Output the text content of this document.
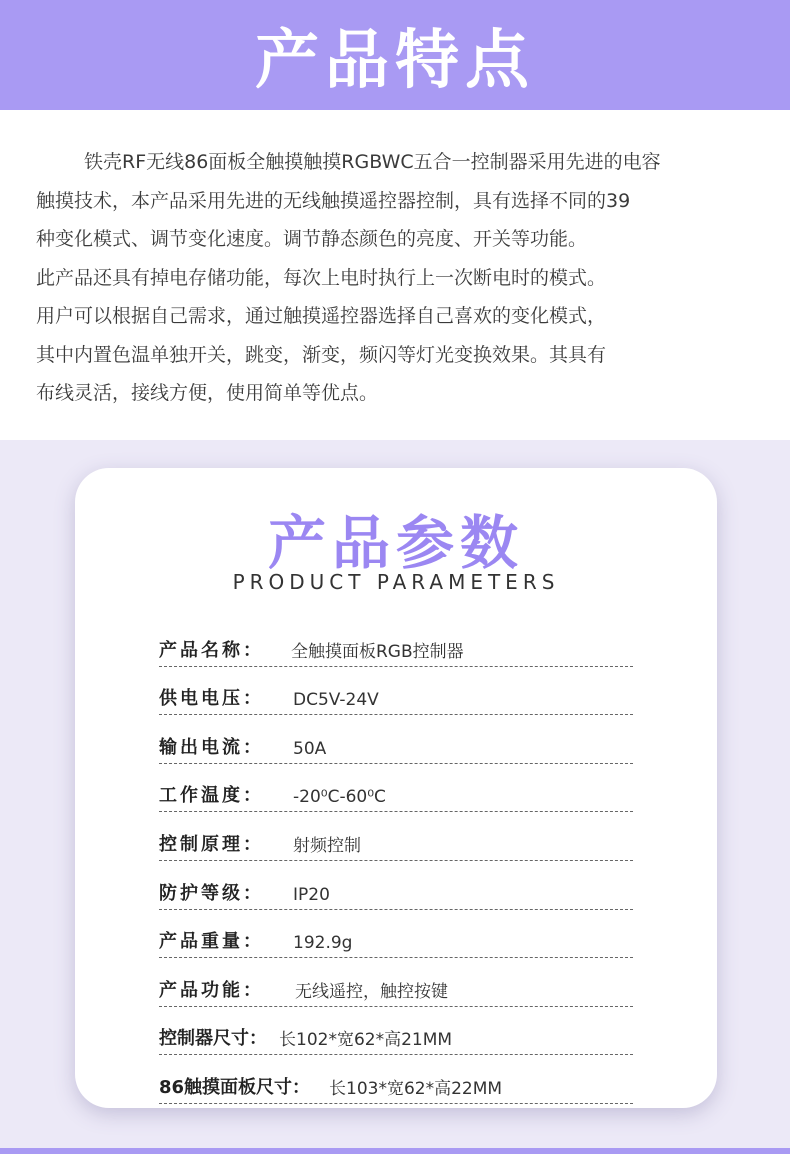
产品特点

铁壳RF无线86面板全触摸触摸RGBWC五合一控制器采用先进的电容

触摸技术，本产品采用先进的无线触摸遥控器控制，具有选择不同的39

种变化模式、调节变化速度。调节静态颜色的亮度、开关等功能。

此产品还具有掉电存储功能，每次上电时执行上一次断电时的模式。

用户可以根据自己需求，通过触摸遥控器选择自己喜欢的变化模式，

其中内置色温单独开关，跳变，渐变，频闪等灯光变换效果。其具有

布线灵活，接线方便，使用简单等优点。

产品参数

PRODUCT PARAMETERS

产品名称： 全触摸面板RGB控制器
供电电压： DC5V-24V
输出电流： 50A
工作温度： -20⁰C-60⁰C
控制原理： 射频控制
防护等级： IP20
产品重量： 192.9g
产品功能： 无线遥控，触控按键
控制器尺寸： 长102*宽62*高21MM
86触摸面板尺寸： 长103*宽62*高22MM
